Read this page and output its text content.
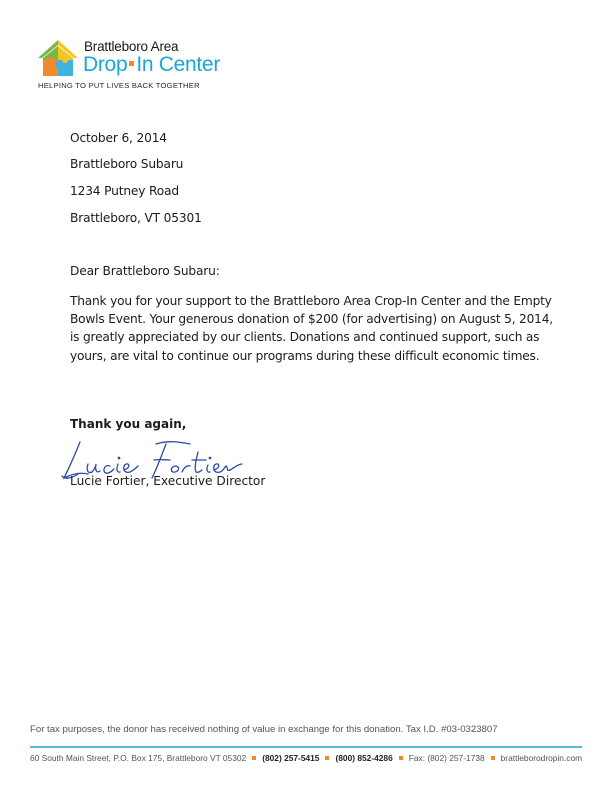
Brattleboro Area
Drop In Center
HELPING TO PUT LIVES BACK TOGETHER
October 6, 2014
Brattleboro Subaru
1234 Putney Road
Brattleboro, VT 05301
Dear Brattleboro Subaru:
Thank you for your support to the Brattleboro Area Crop-In Center and the Empty
Bowls Event. Your generous donation of $200 (for advertising) on August 5, 2014,
is greatly appreciated by our clients. Donations and continued support, such as
yours, are vital to continue our programs during these difficult economic times.
Thank you again,
Lucie Fortier, Executive Director
For tax purposes, the donor has received nothing of value in exchange for this donation. Tax I.D. #03-0323807
60 South Main Street, P.O. Box 175, Brattleboro VT 05302 (802) 257-5415 (800) 852-4286 Fax: (802) 257-1738 brattleborodropin.com
